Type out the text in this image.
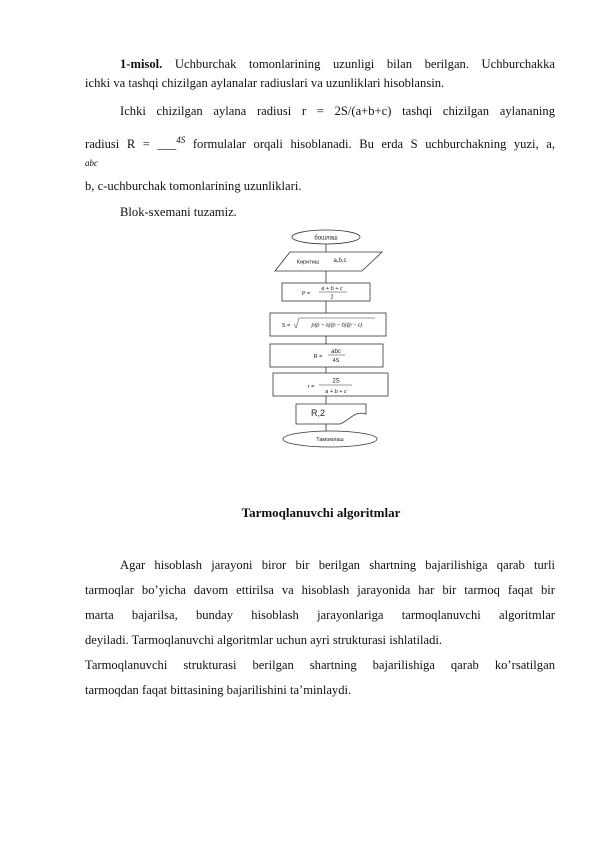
1-misol. Uchburchak tomonlarining uzunligi bilan berilgan. Uchburchakka
ichki va tashqi chizilgan aylanalar radiuslari va uzunliklari hisoblansin.
Ichki chizilgan aylana radiusi r = 2S/(a+b+c) tashqi chizilgan aylananing
radiusi R = ___$^{4S}$ formulalar orqali hisoblanadi. Bu erda S uchburchakning yuzi, a,
abc
b, c-uchburchak tomonlarining uzunliklari.
Blok-sxemani tuzamiz.
бошлаш
Киритиш a,b,c
P =
a + b + c
2
S =	p(p − a)(p − b)(p − c)
R =
abc
4S
r =
2S
a + b + c
R,2
Тамомлаш
Tarmoqlanuvchi algoritmlar
Agar hisoblash jarayoni biror bir berilgan shartning bajarilishiga qarab turli
tarmoqlar bo’yicha davom ettirilsa va hisoblash jarayonida har bir tarmoq faqat bir
marta bajarilsa, bunday hisoblash jarayonlariga tarmoqlanuvchi algoritmlar
deyiladi. Tarmoqlanuvchi algoritmlar uchun ayri strukturasi ishlatiladi.
Tarmoqlanuvchi strukturasi berilgan shartning bajarilishiga qarab ko’rsatilgan
tarmoqdan faqat bittasining bajarilishini ta’minlaydi.
